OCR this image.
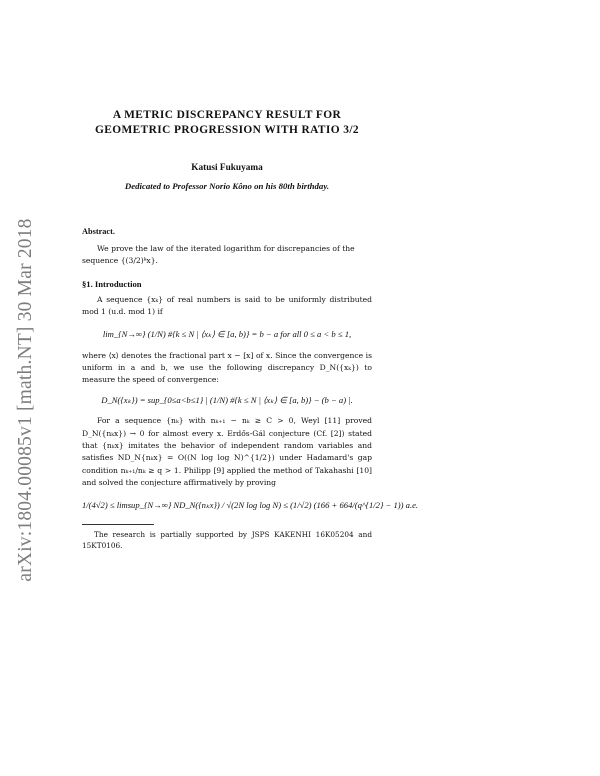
arXiv:1804.00085v1 [math.NT] 30 Mar 2018
A METRIC DISCREPANCY RESULT FOR
GEOMETRIC PROGRESSION WITH RATIO 3/2
Katusi Fukuyama
Dedicated to Professor Norio Kôno on his 80th birthday.
Abstract.
We prove the law of the iterated logarithm for discrepancies of the sequence {(3/2)ᵏx}.
§1. Introduction

A sequence {xₖ} of real numbers is said to be uniformly distributed mod 1 (u.d. mod 1) if

lim_{N→∞} (1/N) #{k ≤ N | ⟨xₖ⟩ ∈ [a, b)} = b − a for all 0 ≤ a < b ≤ 1,

where ⟨x⟩ denotes the fractional part x − [x] of x. Since the convergence is uniform in a and b, we use the following discrepancy D_N({xₖ}) to measure the speed of convergence:

D_N({xₖ}) = sup_{0≤a<b≤1} | (1/N) #{k ≤ N | ⟨xₖ⟩ ∈ [a, b)} − (b − a) |.

For a sequence {nₖ} with nₖ₊₁ − nₖ ≥ C > 0, Weyl [11] proved D_N({nₖx}) → 0 for almost every x. Erdős-Gál conjecture (Cf. [2]) stated that {nₖx} imitates the behavior of independent random variables and satisfies ND_N{nₖx} = O((N log log N)^{1/2}) under Hadamard's gap condition nₖ₊₁/nₖ ≥ q > 1. Philipp [9] applied the method of Takahashi [10] and solved the conjecture affirmatively by proving

1/(4√2) ≤ limsup_{N→∞} ND_N({nₖx}) / √(2N log log N) ≤ (1/√2) (166 + 664/(q^{1/2} − 1)) a.e.
The research is partially supported by JSPS KAKENHI 16K05204 and 15KT0106.
